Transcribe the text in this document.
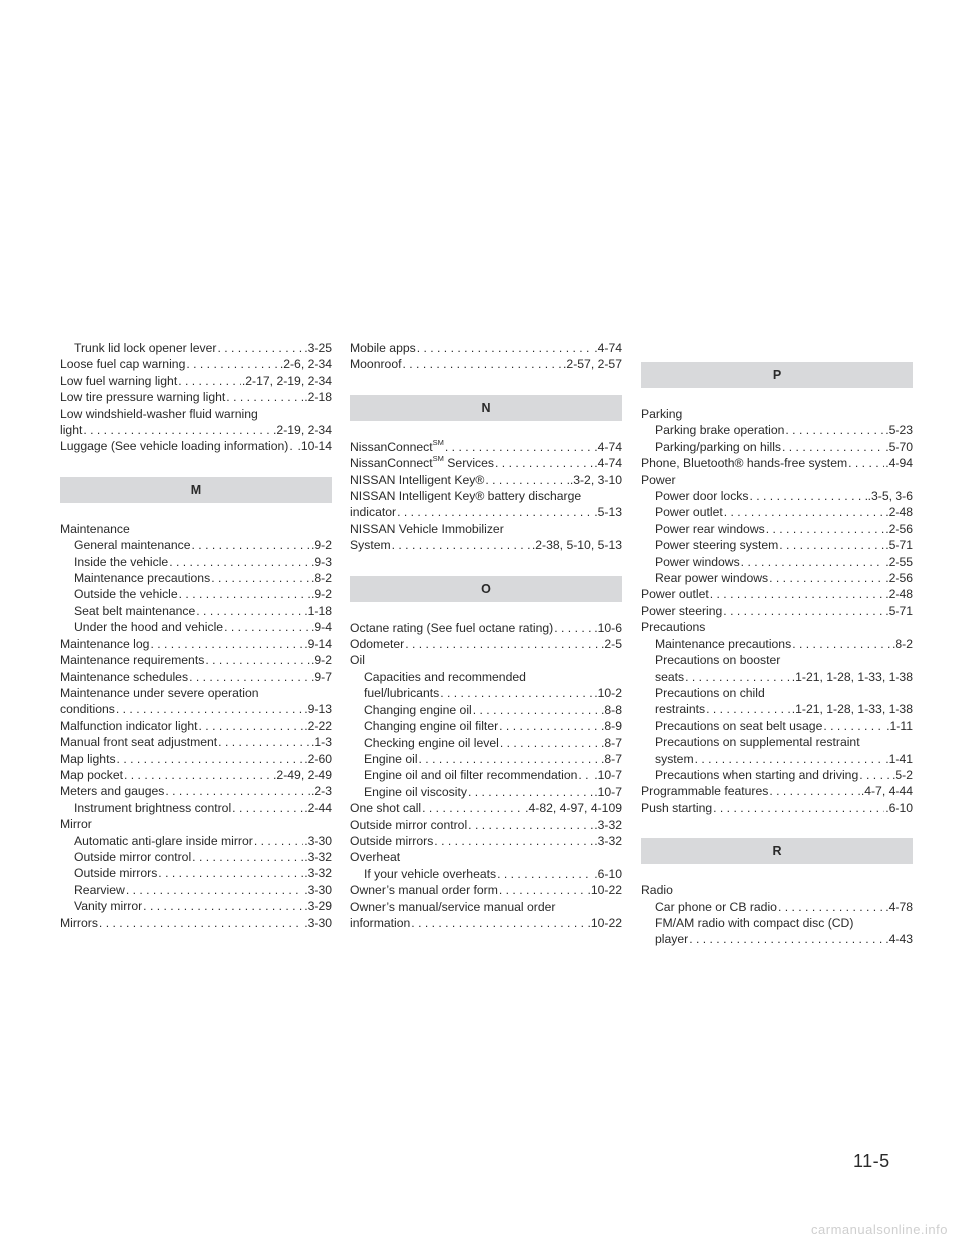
Trunk lid lock opener lever . . .	.3-25
Loose fuel cap warning . . .	.2-6, 2-34
Low fuel warning light . . .	.2-17, 2-19, 2-34
Low tire pressure warning light . . .	.2-18
Low windshield-washer fluid warning
light . . .	.2-19, 2-34
Luggage (See vehicle loading information) . . . .10-14
M
Maintenance
General maintenance . . .	.9-2
Inside the vehicle . . .	.9-3
Maintenance precautions . . .	.8-2
Outside the vehicle . . .	.9-2
Seat belt maintenance . . .	.1-18
Under the hood and vehicle . . .	.9-4
Maintenance log . . .	.9-14
Maintenance requirements . . .	.9-2
Maintenance schedules . . .	.9-7
Maintenance under severe operation
conditions . . .	.9-13
Malfunction indicator light . . .	.2-22
Manual front seat adjustment . . .	.1-3
Map lights . . .	.2-60
Map pocket . . .	.2-49, 2-49
Meters and gauges . . .	.2-3
Instrument brightness control . . .	.2-44
Mirror
Automatic anti-glare inside mirror . . .	.3-30
Outside mirror control . . .	.3-32
Outside mirrors . . .	.3-32
Rearview . . .	.3-30
Vanity mirror . . .	.3-29
Mirrors . . .	.3-30
Mobile apps . . .	.4-74
Moonroof . . .	.2-57, 2-57
N
NissanConnect℠ . . .	.4-74
NissanConnect℠ Services . . .	.4-74
NISSAN Intelligent Key® . . .	.3-2, 3-10
NISSAN Intelligent Key® battery discharge
indicator . . .	.5-13
NISSAN Vehicle Immobilizer
System . . .	.2-38, 5-10, 5-13
O
Octane rating (See fuel octane rating) . . .	.10-6
Odometer . . .	.2-5
Oil
Capacities and recommended
fuel/lubricants . . .	.10-2
Changing engine oil . . .	.8-8
Changing engine oil filter . . .	.8-9
Checking engine oil level . . .	.8-7
Engine oil . . .	.8-7
Engine oil and oil filter recommendation . . . .10-7
Engine oil viscosity . . .	.10-7
One shot call . . .	.4-82, 4-97, 4-109
Outside mirror control . . .	.3-32
Outside mirrors . . .	.3-32
Overheat
If your vehicle overheats . . .	.6-10
Owner’s manual order form . . .	.10-22
Owner’s manual/service manual order
information . . .	.10-22
P
Parking
Parking brake operation . . .	.5-23
Parking/parking on hills . . .	.5-70
Phone, Bluetooth® hands-free system . . .	.4-94
Power
Power door locks . . .	.3-5, 3-6
Power outlet . . .	.2-48
Power rear windows . . .	.2-56
Power steering system . . .	.5-71
Power windows . . .	.2-55
Rear power windows . . .	.2-56
Power outlet . . .	.2-48
Power steering . . .	.5-71
Precautions
Maintenance precautions . . .	.8-2
Precautions on booster
seats . . .	.1-21, 1-28, 1-33, 1-38
Precautions on child
restraints . . .	.1-21, 1-28, 1-33, 1-38
Precautions on seat belt usage . . .	.1-11
Precautions on supplemental restraint
system . . .	.1-41
Precautions when starting and driving . . .	.5-2
Programmable features . . .	.4-7, 4-44
Push starting . . .	.6-10
R
Radio
Car phone or CB radio . . .	.4-78
FM/AM radio with compact disc (CD)
player . . .	.4-43
11-5
carmanualsonline.info
